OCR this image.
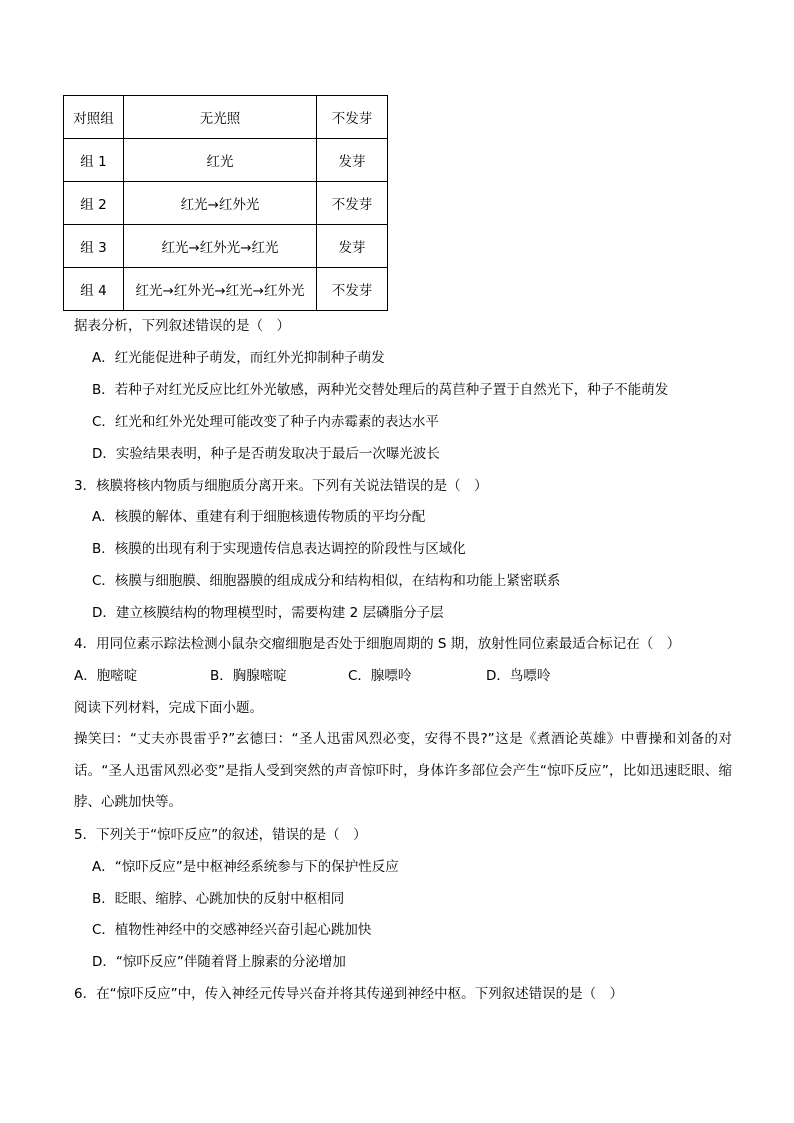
对照组	无光照	不发芽
组 1	红光	发芽
组 2	红光→红外光	不发芽
组 3	红光→红外光→红光	发芽
组 4	红光→红外光→红光→红外光	不发芽
据表分析，下列叙述错误的是（　）
A．红光能促进种子萌发，而红外光抑制种子萌发
B．若种子对红光反应比红外光敏感，两种光交替处理后的莴苣种子置于自然光下，种子不能萌发
C．红光和红外光处理可能改变了种子内赤霉素的表达水平
D．实验结果表明，种子是否萌发取决于最后一次曝光波长
3．核膜将核内物质与细胞质分离开来。下列有关说法错误的是（　）
A．核膜的解体、重建有利于细胞核遗传物质的平均分配
B．核膜的出现有利于实现遗传信息表达调控的阶段性与区域化
C．核膜与细胞膜、细胞器膜的组成成分和结构相似，在结构和功能上紧密联系
D．建立核膜结构的物理模型时，需要构建 2 层磷脂分子层
4．用同位素示踪法检测小鼠杂交瘤细胞是否处于细胞周期的 S 期，放射性同位素最适合标记在（　）
A．胞嘧啶	B．胸腺嘧啶	C．腺嘌呤	D．鸟嘌呤
阅读下列材料，完成下面小题。
操笑曰：“丈夫亦畏雷乎?”玄德曰：“圣人迅雷风烈必变，安得不畏?”这是《煮酒论英雄》中曹操和刘备的对话。“圣人迅雷风烈必变”是指人受到突然的声音惊吓时，身体许多部位会产生“惊吓反应”，比如迅速眨眼、缩脖、心跳加快等。
5．下列关于“惊吓反应”的叙述，错误的是（　）
A．“惊吓反应”是中枢神经系统参与下的保护性反应
B．眨眼、缩脖、心跳加快的反射中枢相同
C．植物性神经中的交感神经兴奋引起心跳加快
D．“惊吓反应”伴随着肾上腺素的分泌增加
6．在“惊吓反应”中，传入神经元传导兴奋并将其传递到神经中枢。下列叙述错误的是（　）
